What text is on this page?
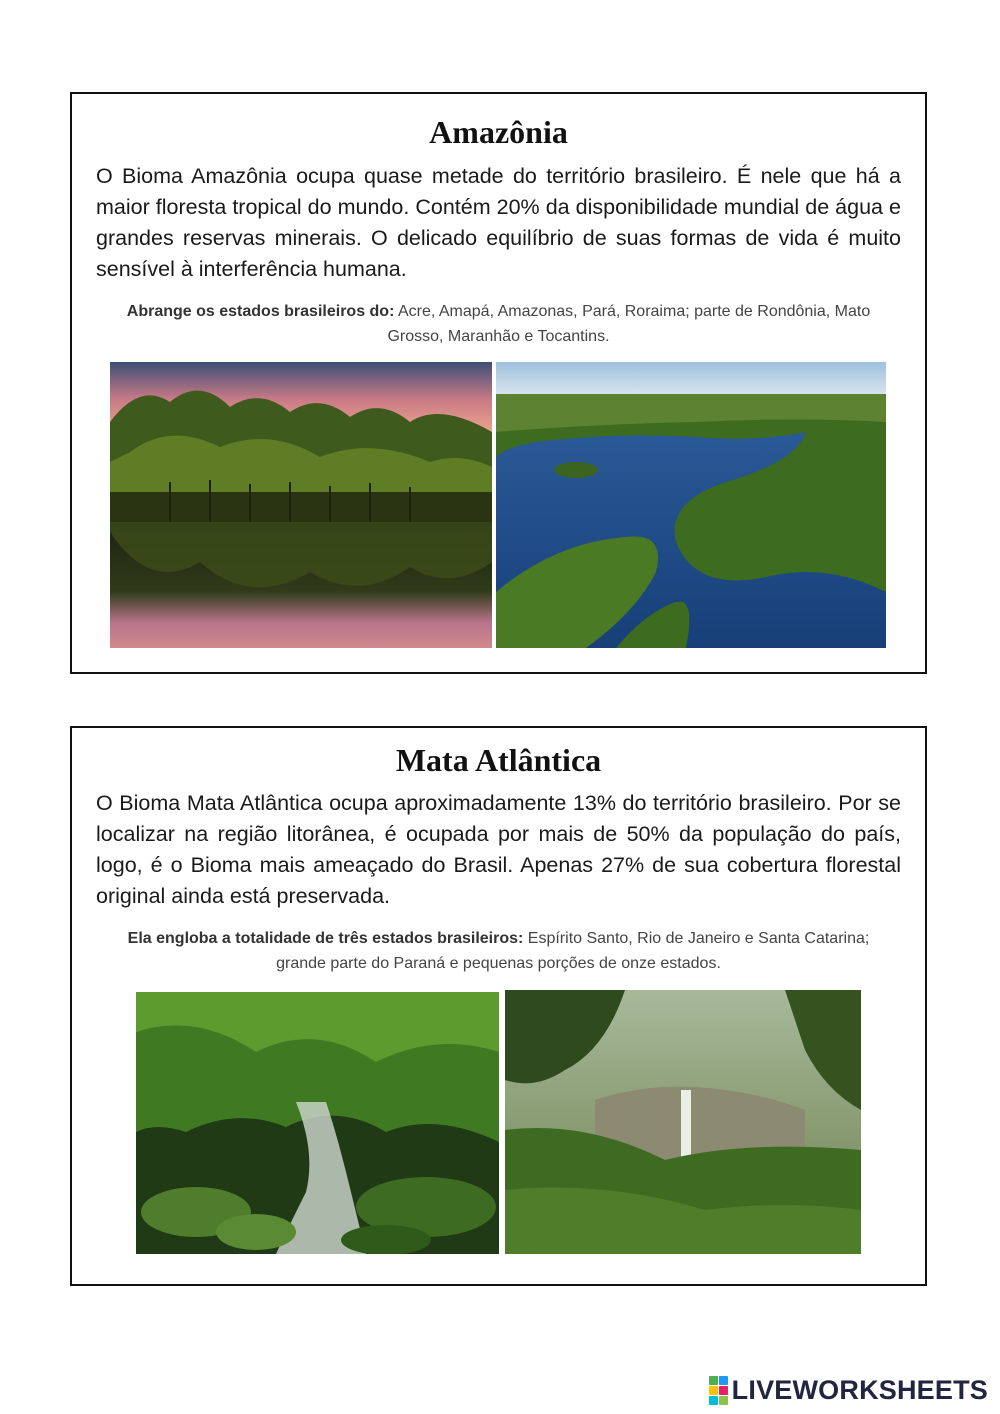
Amazônia

O Bioma Amazônia ocupa quase metade do território brasileiro. É nele que há a maior floresta tropical do mundo. Contém 20% da disponibilidade mundial de água e grandes reservas minerais. O delicado equilíbrio de suas formas de vida é muito sensível à interferência humana.

Abrange os estados brasileiros do: Acre, Amapá, Amazonas, Pará, Roraima; parte de Rondônia, Mato Grosso, Maranhão e Tocantins.

Mata Atlântica

O Bioma Mata Atlântica ocupa aproximadamente 13% do território brasileiro. Por se localizar na região litorânea, é ocupada por mais de 50% da população do país, logo, é o Bioma mais ameaçado do Brasil. Apenas 27% de sua cobertura florestal original ainda está preservada.

Ela engloba a totalidade de três estados brasileiros: Espírito Santo, Rio de Janeiro e Santa Catarina; grande parte do Paraná e pequenas porções de onze estados.

LIVEWORKSHEETS
